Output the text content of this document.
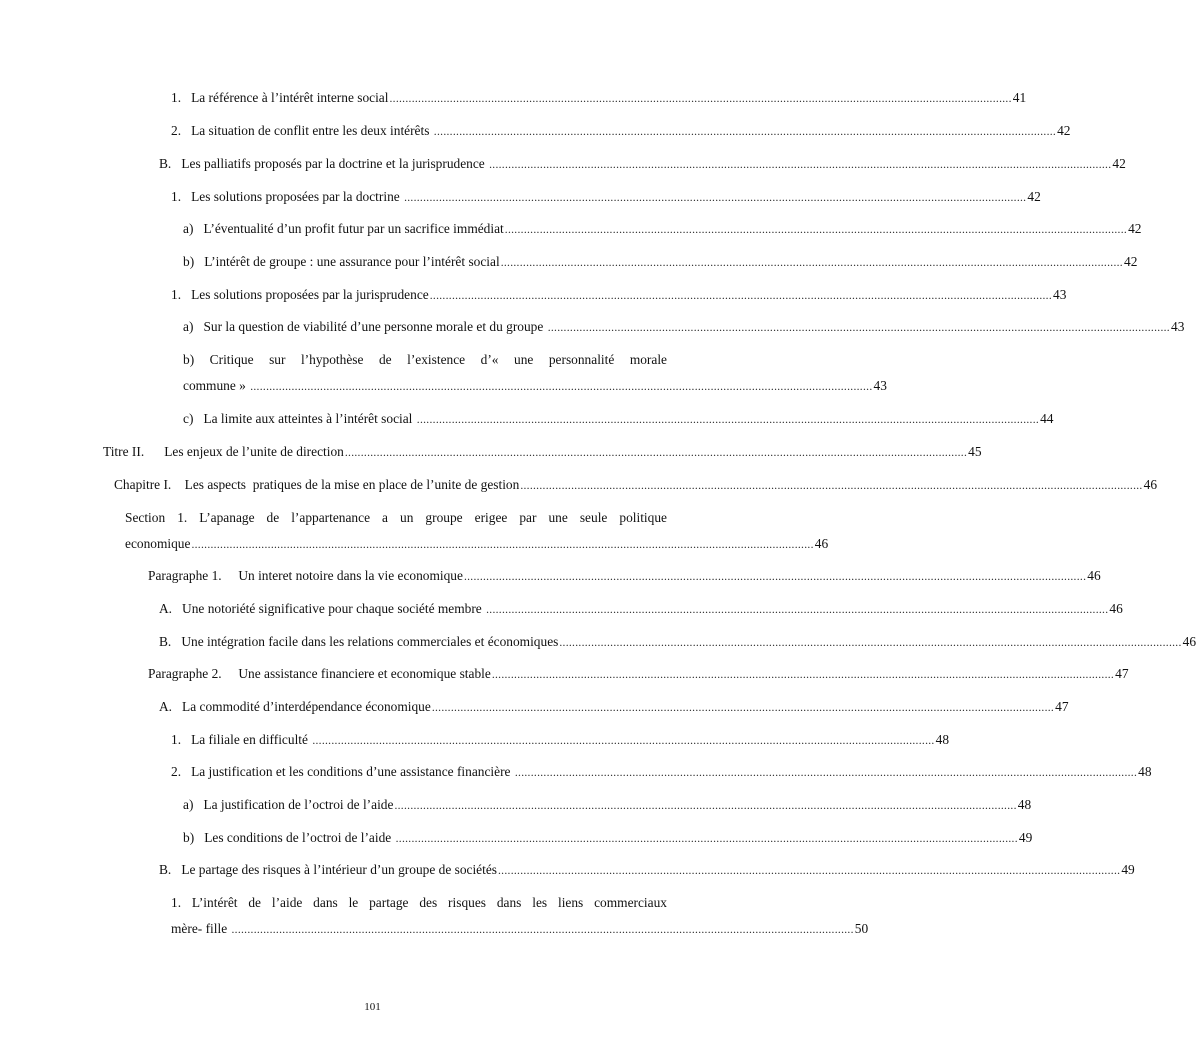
1.   La référence à l’intérêt interne social .................................................................................................................................................................................................... 41
2.   La situation de conflit entre les deux intérêts .................................................................................................................................................................................................... 42
B.   Les palliatifs proposés par la doctrine et la jurisprudence .................................................................................................................................................................................................... 42
1.   Les solutions proposées par la doctrine .................................................................................................................................................................................................... 42
a)   L’éventualité d’un profit futur par un sacrifice immédiat .................................................................................................................................................................................................... 42
b)   L’intérêt de groupe : une assurance pour l’intérêt social .................................................................................................................................................................................................... 42
1.   Les solutions proposées par la jurisprudence .................................................................................................................................................................................................... 43
a)   Sur la question de viabilité d’une personne morale et du groupe .................................................................................................................................................................................................... 43
b) Critique sur l’hypothèse de l’existence d’« une personnalité morale
commune » .................................................................................................................................................................................................... 43
c)   La limite aux atteintes à l’intérêt social .................................................................................................................................................................................................... 44
Titre II.      Les enjeux de l’unite de direction .................................................................................................................................................................................................... 45
Chapitre I.    Les aspects  pratiques de la mise en place de l’unite de gestion .................................................................................................................................................................................................... 46
Section 1. L’apanage de l’appartenance a un groupe erigee par une seule politique
economique .................................................................................................................................................................................................... 46
Paragraphe 1.     Un interet notoire dans la vie economique .................................................................................................................................................................................................... 46
A.   Une notoriété significative pour chaque société membre .................................................................................................................................................................................................... 46
B.   Une intégration facile dans les relations commerciales et économiques .................................................................................................................................................................................................... 46
Paragraphe 2.     Une assistance financiere et economique stable .................................................................................................................................................................................................... 47
A.   La commodité d’interdépendance économique .................................................................................................................................................................................................... 47
1.   La filiale en difficulté .................................................................................................................................................................................................... 48
2.   La justification et les conditions d’une assistance financière .................................................................................................................................................................................................... 48
a)   La justification de l’octroi de l’aide .................................................................................................................................................................................................... 48
b)   Les conditions de l’octroi de l’aide .................................................................................................................................................................................................... 49
B.   Le partage des risques à l’intérieur d’un groupe de sociétés .................................................................................................................................................................................................... 49
1. L’intérêt de l’aide dans le partage des risques dans les liens commerciaux
mère- fille .................................................................................................................................................................................................... 50
101
